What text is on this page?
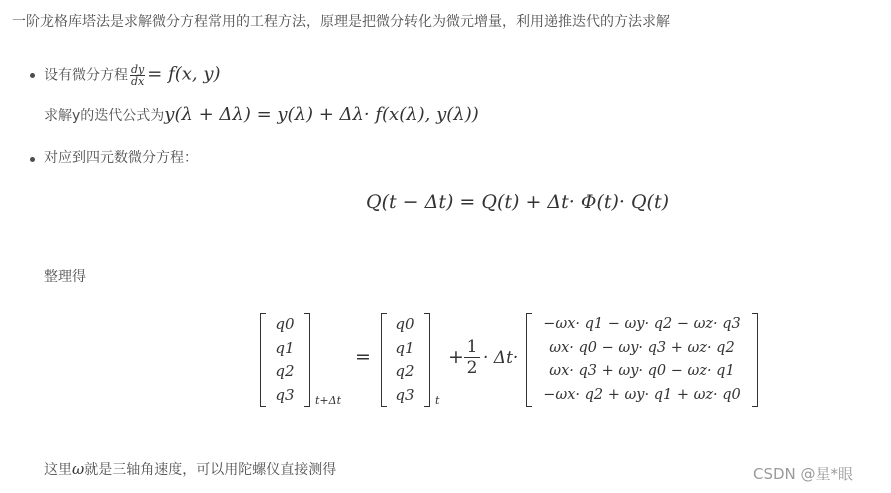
一阶龙格库塔法是求解微分方程常用的工程方法，原理是把微分转化为微元增量，利用递推迭代的方法求解
设有微分方程 $\frac{dy}{dx} = f(x$, y)
求解y的迭代公式为y(λ + Δλ) = y(λ) + Δλ· f(x(λ), y(λ))
对应到四元数微分方程：
Q(t − Δt) = Q(t) + Δt· Φ(t)· Q(t)
整理得
q0
q1
q2
q3	t+Δt
=
q0
q1
q2
q3	t
+ $\frac{1}{2} \cdot \Delta t\cdot$
−ωx· q1 − ωy· q2 − ωz· q3
ωx· q0 − ωy· q3 + ωz· q2
ωx· q3 + ωy· q0 − ωz· q1
−ωx· q2 + ωy· q1 + ωz· q0
这里ω就是三轴角速度，可以用陀螺仪直接测得	CSDN @星*眼
